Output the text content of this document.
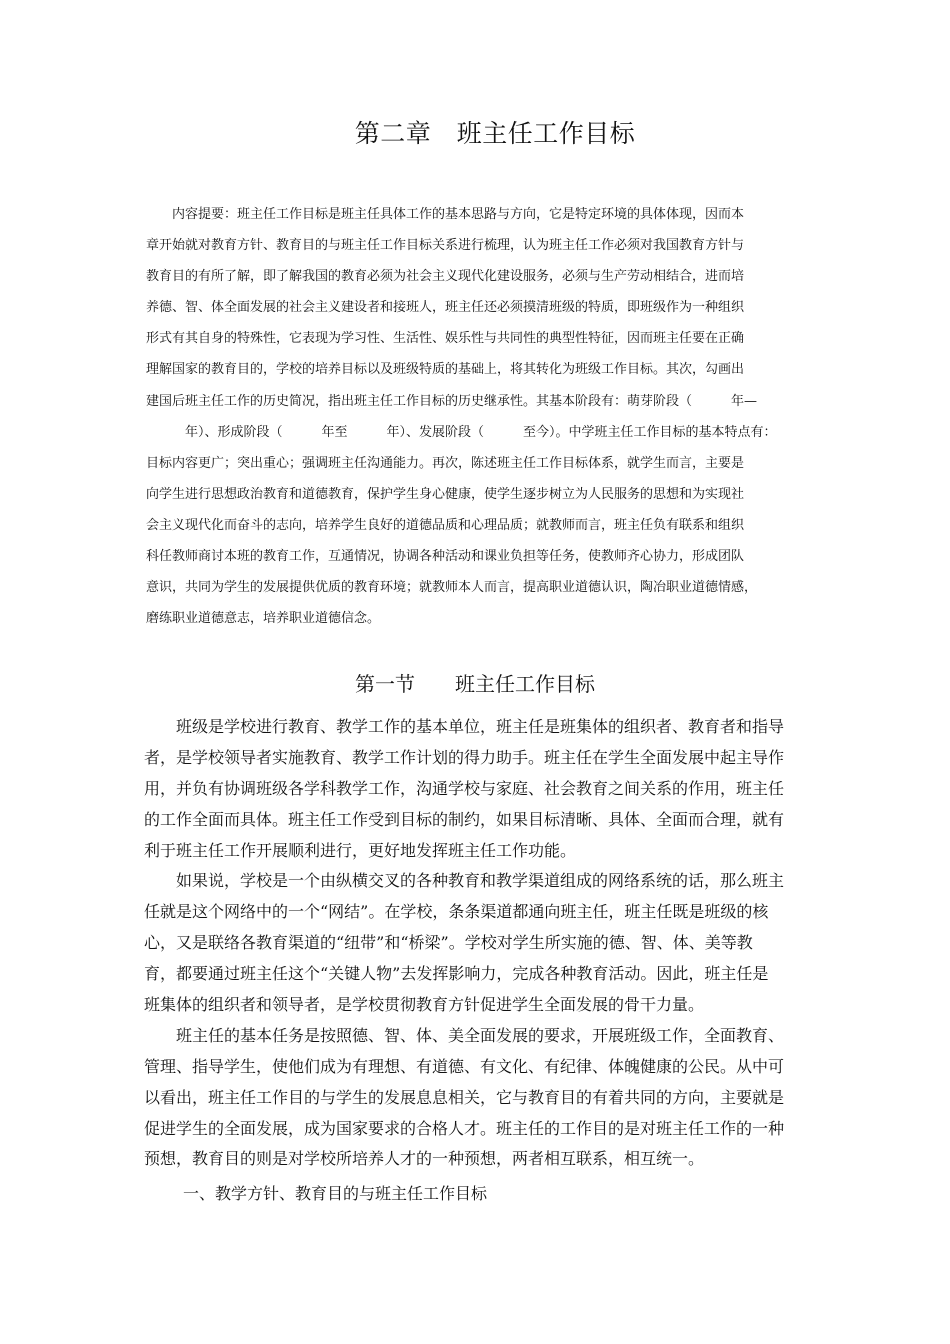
第二章　班主任工作目标
　　内容提要：班主任工作目标是班主任具体工作的基本思路与方向，它是特定环境的具体体现，因而本
章开始就对教育方针、教育目的与班主任工作目标关系进行梳理，认为班主任工作必须对我国教育方针与
教育目的有所了解，即了解我国的教育必须为社会主义现代化建设服务，必须与生产劳动相结合，进而培
养德、智、体全面发展的社会主义建设者和接班人，班主任还必须摸清班级的特质，即班级作为一种组织
形式有其自身的特殊性，它表现为学习性、生活性、娱乐性与共同性的典型性特征，因而班主任要在正确
理解国家的教育目的，学校的培养目标以及班级特质的基础上，将其转化为班级工作目标。其次，勾画出
建国后班主任工作的历史简况，指出班主任工作目标的历史继承性。其基本阶段有：萌芽阶段（　　　年—
　　　年）、形成阶段（　　　年至　　　年）、发展阶段（　　　至今）。中学班主任工作目标的基本特点有：
目标内容更广；突出重心；强调班主任沟通能力。再次，陈述班主任工作目标体系，就学生而言，主要是
向学生进行思想政治教育和道德教育，保护学生身心健康，使学生逐步树立为人民服务的思想和为实现社
会主义现代化而奋斗的志向，培养学生良好的道德品质和心理品质；就教师而言，班主任负有联系和组织
科任教师商讨本班的教育工作，互通情况，协调各种活动和课业负担等任务，使教师齐心协力，形成团队
意识，共同为学生的发展提供优质的教育环境；就教师本人而言，提高职业道德认识，陶冶职业道德情感，
磨练职业道德意志，培养职业道德信念。
第一节　　班主任工作目标
　　班级是学校进行教育、教学工作的基本单位，班主任是班集体的组织者、教育者和指导
者，是学校领导者实施教育、教学工作计划的得力助手。班主任在学生全面发展中起主导作
用，并负有协调班级各学科教学工作，沟通学校与家庭、社会教育之间关系的作用，班主任
的工作全面而具体。班主任工作受到目标的制约，如果目标清晰、具体、全面而合理，就有
利于班主任工作开展顺利进行，更好地发挥班主任工作功能。
　　如果说，学校是一个由纵横交叉的各种教育和教学渠道组成的网络系统的话，那么班主
任就是这个网络中的一个“网结”。在学校，条条渠道都通向班主任，班主任既是班级的核
心，又是联络各教育渠道的“纽带”和“桥梁”。学校对学生所实施的德、智、体、美等教
育，都要通过班主任这个“关键人物”去发挥影响力，完成各种教育活动。因此，班主任是
班集体的组织者和领导者，是学校贯彻教育方针促进学生全面发展的骨干力量。
　　班主任的基本任务是按照德、智、体、美全面发展的要求，开展班级工作，全面教育、
管理、指导学生，使他们成为有理想、有道德、有文化、有纪律、体魄健康的公民。从中可
以看出，班主任工作目的与学生的发展息息相关，它与教育目的有着共同的方向，主要就是
促进学生的全面发展，成为国家要求的合格人才。班主任的工作目的是对班主任工作的一种
预想，教育目的则是对学校所培养人才的一种预想，两者相互联系，相互统一。
一、教学方针、教育目的与班主任工作目标
